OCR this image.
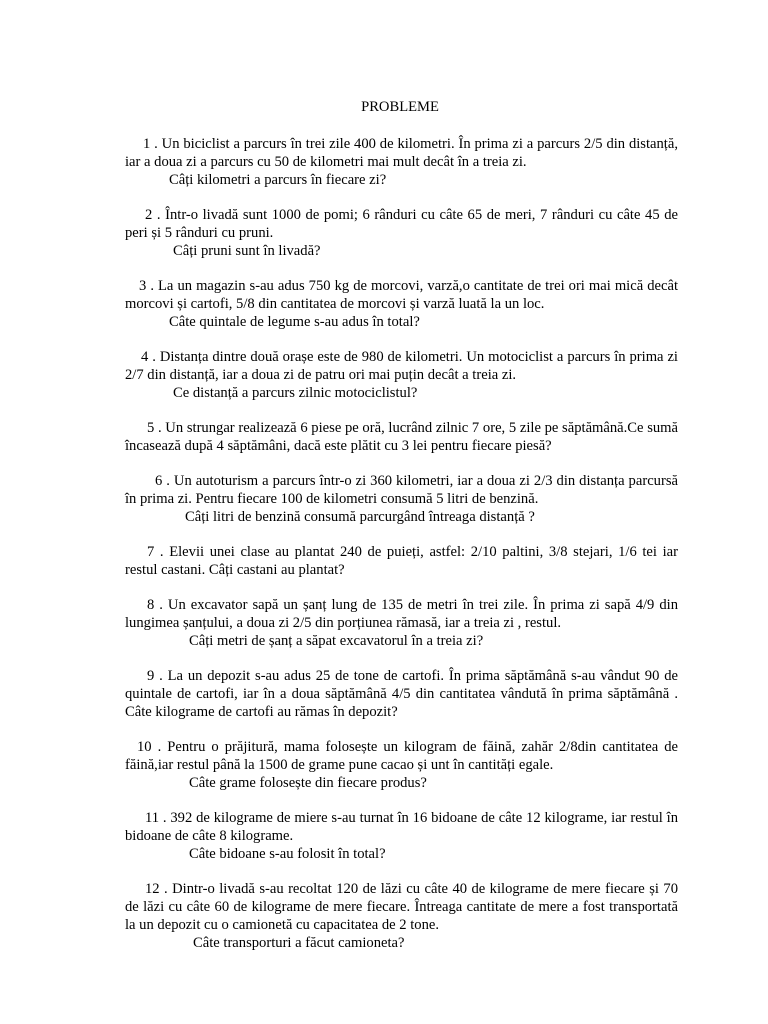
PROBLEME

1 . Un biciclist a parcurs în trei zile 400 de kilometri. În prima zi a parcurs 2/5 din distanță, iar a doua zi a parcurs cu 50 de kilometri mai mult decât în a treia zi.

Câți kilometri a parcurs în fiecare zi?

2 . Într-o livadă sunt 1000 de pomi; 6 rânduri cu câte 65 de meri, 7 rânduri cu câte 45 de peri și 5 rânduri cu pruni.

Câți pruni sunt în livadă?

3 . La un magazin s-au adus 750 kg de morcovi, varză,o cantitate de trei ori mai mică decât morcovi și cartofi, 5/8 din cantitatea de morcovi și varză luată la un loc.

Câte quintale de legume s-au adus în total?

4 . Distanța dintre două orașe este de 980 de kilometri. Un motociclist a parcurs în prima zi 2/7 din distanță, iar a doua zi de patru ori mai puțin decât a treia zi.

Ce distanță a parcurs zilnic motociclistul?

5 . Un strungar realizează 6 piese pe oră, lucrând zilnic 7 ore, 5 zile pe săptămână.Ce sumă încasează după 4 săptămâni, dacă este plătit cu 3 lei pentru fiecare piesă?

6 . Un autoturism a parcurs într-o zi 360 kilometri, iar a doua zi 2/3 din distanța parcursă în prima zi. Pentru fiecare 100 de kilometri consumă 5 litri de benzină.

Câți litri de benzină consumă parcurgând întreaga distanță ?

7 . Elevii unei clase au plantat 240 de puieți, astfel: 2/10 paltini, 3/8 stejari, 1/6 tei iar restul castani. Câți castani au plantat?

8 . Un excavator sapă un șanț lung de 135 de metri în trei zile. În prima zi sapă 4/9 din lungimea șanțului, a doua zi 2/5 din porțiunea rămasă, iar a treia zi , restul.

Câți metri de șanț a săpat excavatorul în a treia zi?

9 . La un depozit s-au adus 25 de tone de cartofi. În prima săptămână s-au vândut 90 de quintale de cartofi, iar în a doua săptămână 4/5 din cantitatea vândută în prima săptămână . Câte kilograme de cartofi au rămas în depozit?

10 . Pentru o prăjitură, mama folosește un kilogram de făină, zahăr 2/8din cantitatea de făină,iar restul până la 1500 de grame pune cacao și unt în cantități egale.

Câte grame folosește din fiecare produs?

11 . 392 de kilograme de miere s-au turnat în 16 bidoane de câte 12 kilograme, iar restul în bidoane de câte 8 kilograme.

Câte bidoane s-au folosit în total?

12 . Dintr-o livadă s-au recoltat 120 de lăzi cu câte 40 de kilograme de mere fiecare și 70 de lăzi cu câte 60 de kilograme de mere fiecare. Întreaga cantitate de mere a fost transportată la un depozit cu o camionetă cu capacitatea de 2 tone.

Câte transporturi a făcut camioneta?
